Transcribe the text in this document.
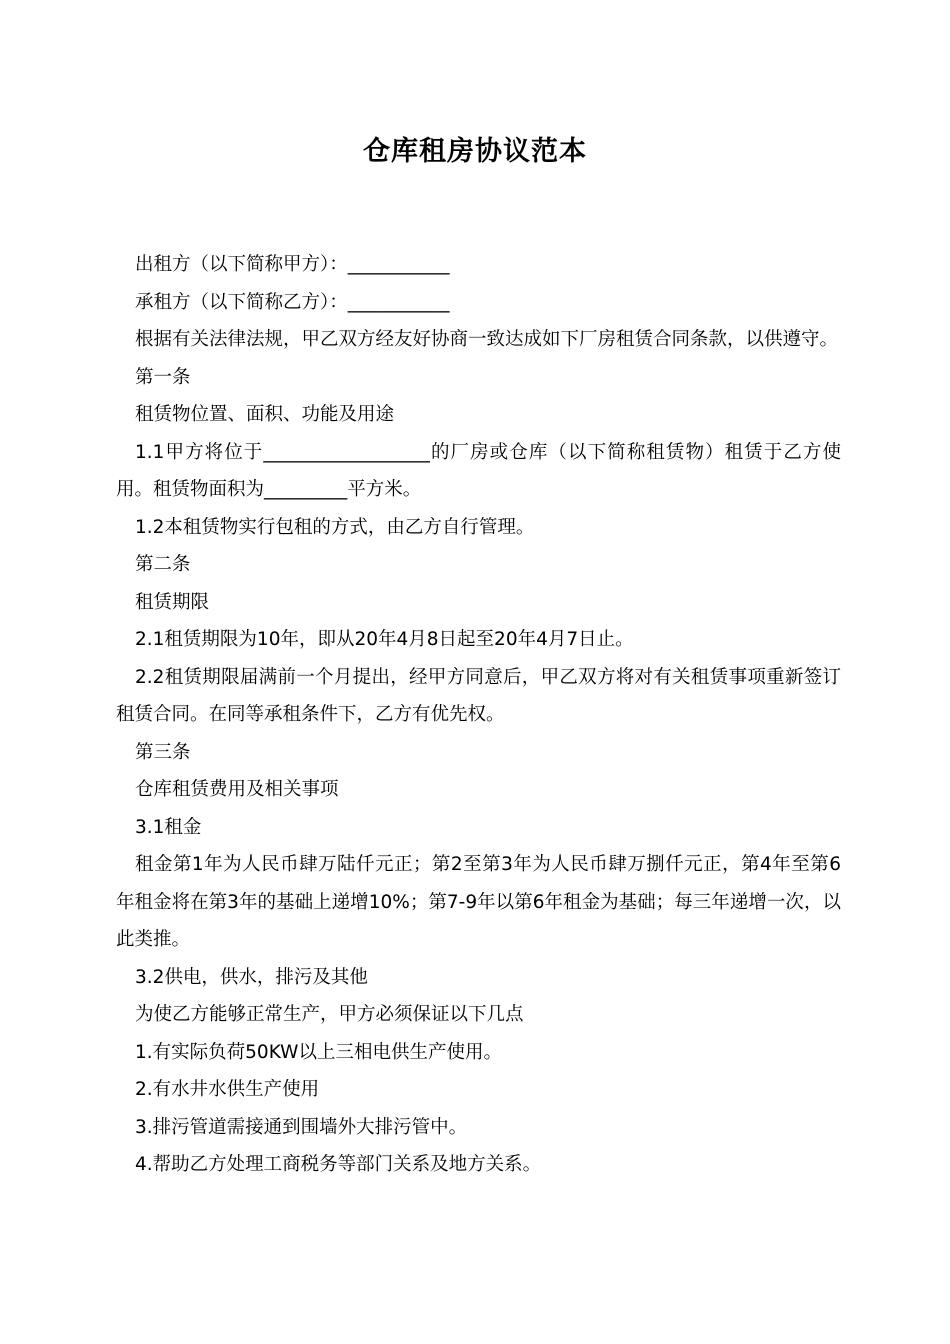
仓库租房协议范本

出租方（以下简称甲方）：___________

承租方（以下简称乙方）：___________

根据有关法律法规，甲乙双方经友好协商一致达成如下厂房租赁合同条款，以供遵守。

第一条

租赁物位置、面积、功能及用途

1.1甲方将位于__________________的厂房或仓库（以下简称租赁物）租赁于乙方使用。租赁物面积为_________平方米。

1.2本租赁物实行包租的方式，由乙方自行管理。

第二条

租赁期限

2.1租赁期限为10年，即从20年4月8日起至20年4月7日止。

2.2租赁期限届满前一个月提出，经甲方同意后，甲乙双方将对有关租赁事项重新签订租赁合同。在同等承租条件下，乙方有优先权。

第三条

仓库租赁费用及相关事项

3.1租金

租金第1年为人民币肆万陆仟元正；第2至第3年为人民币肆万捌仟元正，第4年至第6年租金将在第3年的基础上递增10%；第7-9年以第6年租金为基础；每三年递增一次，以此类推。

3.2供电，供水，排污及其他

为使乙方能够正常生产，甲方必须保证以下几点

1.有实际负荷50KW以上三相电供生产使用。

2.有水井水供生产使用

3.排污管道需接通到围墙外大排污管中。

4.帮助乙方处理工商税务等部门关系及地方关系。
